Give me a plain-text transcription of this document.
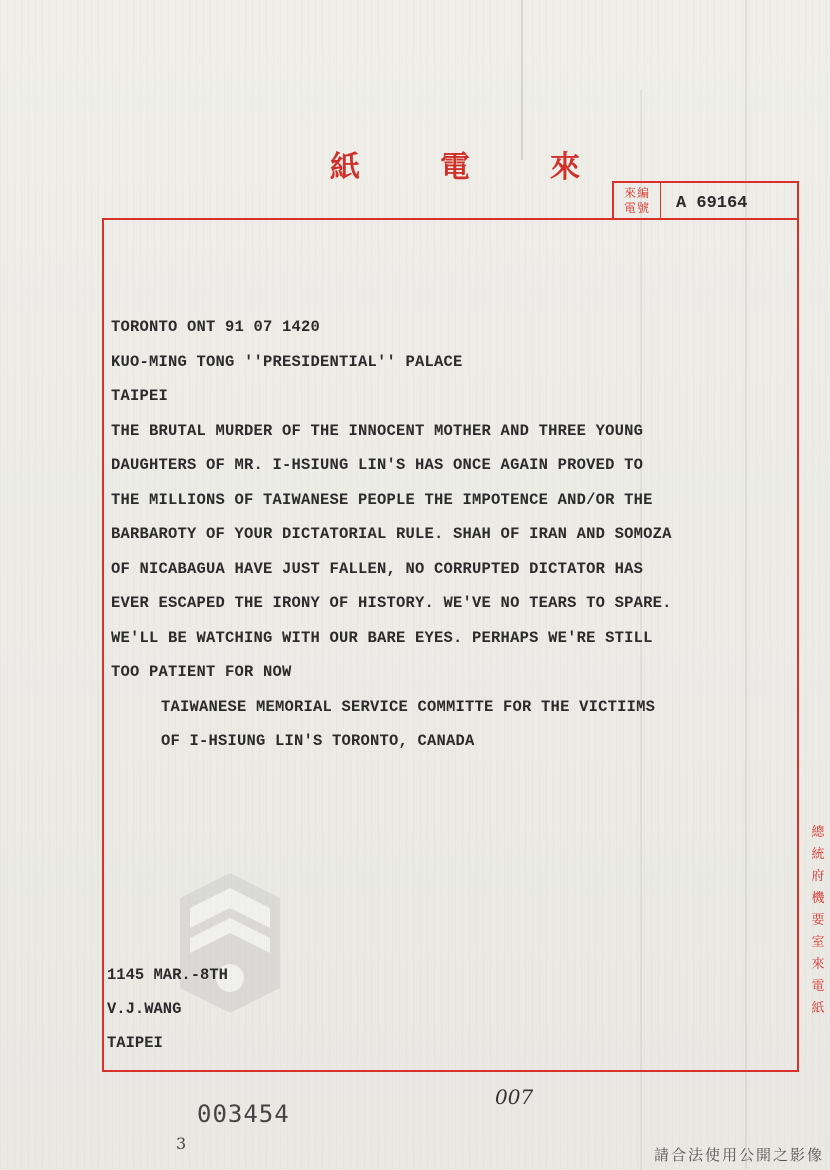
紙	電	來
來編
電號	A 69164
TORONTO ONT 91 07 1420
KUO-MING TONG ''PRESIDENTIAL'' PALACE
TAIPEI
THE BRUTAL MURDER OF THE INNOCENT MOTHER AND THREE YOUNG
DAUGHTERS OF MR. I-HSIUNG LIN'S HAS ONCE AGAIN PROVED TO
THE MILLIONS OF TAIWANESE PEOPLE THE IMPOTENCE AND/OR THE
BARBAROTY OF YOUR DICTATORIAL RULE. SHAH OF IRAN AND SOMOZA
OF NICABAGUA HAVE JUST FALLEN, NO CORRUPTED DICTATOR HAS
EVER ESCAPED THE IRONY OF HISTORY. WE'VE NO TEARS TO SPARE.
WE'LL BE WATCHING WITH OUR BARE EYES. PERHAPS WE'RE STILL
TOO PATIENT FOR NOW
TAIWANESE MEMORIAL SERVICE COMMITTE FOR THE VICTIIMS
OF I-HSIUNG LIN'S TORONTO, CANADA
1145 MAR.-8TH
V.J.WANG
TAIPEI
總
統
府
機
要
室
來
電
紙
003454
007
3
請合法使用公開之影像
